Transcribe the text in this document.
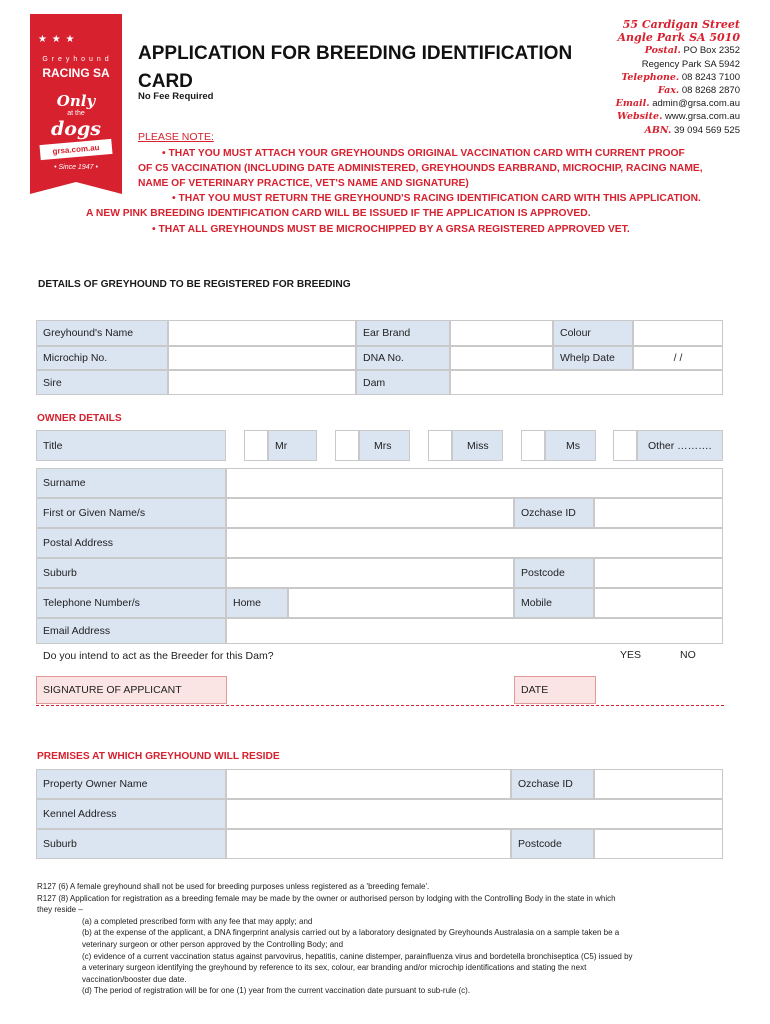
★ ★ ★
G r e y h o u n d
RACING SA
Only
at the
dogs
grsa.com.au
• Since 1947 •
APPLICATION FOR BREEDING IDENTIFICATION
CARD
No Fee Required
55 Cardigan Street
Angle Park SA 5010
Postal. PO Box 2352
Regency Park SA 5942
Telephone. 08 8243 7100
Fax. 08 8268 2870
Email. admin@grsa.com.au
Website. www.grsa.com.au
ABN. 39 094 569 525
PLEASE NOTE:
• THAT YOU MUST ATTACH YOUR GREYHOUNDS ORIGINAL VACCINATION CARD WITH CURRENT PROOF
OF C5 VACCINATION (INCLUDING DATE ADMINISTERED, GREYHOUNDS EARBRAND, MICROCHIP, RACING NAME,
NAME OF VETERINARY PRACTICE, VET'S NAME AND SIGNATURE)
• THAT YOU MUST RETURN THE GREYHOUND'S RACING IDENTIFICATION CARD WITH THIS APPLICATION.
A NEW PINK BREEDING IDENTIFICATION CARD WILL BE ISSUED IF THE APPLICATION IS APPROVED.
• THAT ALL GREYHOUNDS MUST BE MICROCHIPPED BY A GRSA REGISTERED APPROVED VET.
DETAILS OF GREYHOUND TO BE REGISTERED FOR BREEDING
Greyhound's Name	Ear Brand	Colour
Microchip No.	DNA No.	Whelp Date	/ /
Sire	Dam
OWNER DETAILS
Title	Mr	Mrs	Miss	Ms	Other ……….
Surname
First or Given Name/s	Ozchase ID
Postal Address
Suburb	Postcode
Telephone Number/s	Home	Mobile
Email Address
Do you intend to act as the Breeder for this Dam?	YES	NO
SIGNATURE OF APPLICANT	DATE
PREMISES AT WHICH GREYHOUND WILL RESIDE
Property Owner Name	Ozchase ID
Kennel Address
Suburb	Postcode
R127 (6) A female greyhound shall not be used for breeding purposes unless registered as a 'breeding female'.
R127 (8) Application for registration as a breeding female may be made by the owner or authorised person by lodging with the Controlling Body in the state in which
they reside –
(a) a completed prescribed form with any fee that may apply; and
(b) at the expense of the applicant, a DNA fingerprint analysis carried out by a laboratory designated by Greyhounds Australasia on a sample taken be a
veterinary surgeon or other person approved by the Controlling Body; and
(c) evidence of a current vaccination status against parvovirus, hepatitis, canine distemper, parainfluenza virus and bordetella bronchiseptica (C5) issued by
a veterinary surgeon identifying the greyhound by reference to its sex, colour, ear branding and/or microchip identifications and stating the next
vaccination/booster due date.
(d) The period of registration will be for one (1) year from the current vaccination date pursuant to sub-rule (c).
